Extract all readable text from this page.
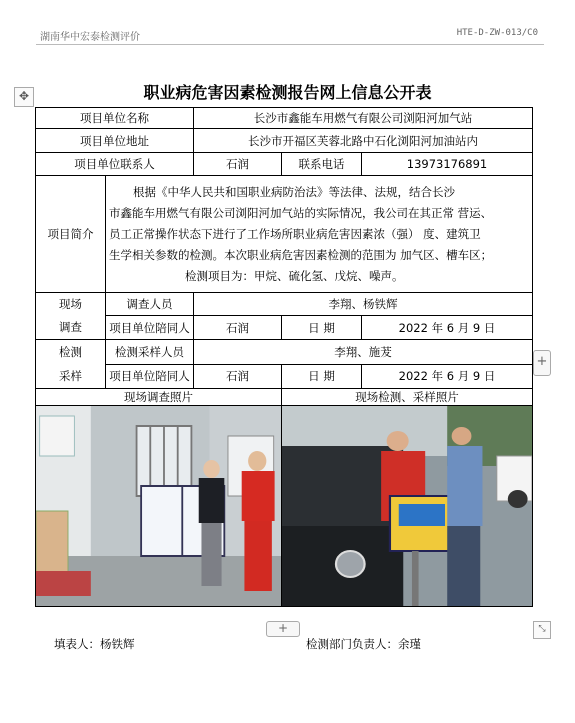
湖南华中宏泰检测评价	HTE-D-ZW-013/C0
✥	职业病危害因素检测报告网上信息公开表
项目单位名称		长沙市鑫能车用燃气有限公司浏阳河加气站		
项目单位地址		长沙市开福区芙蓉北路中石化浏阳河加油站内		
项目单位联系人		石润	联系电话	13973176891
项目简介	根据《中华人民共和国职业病防治法》等法律、法规，结合长沙
市鑫能车用燃气有限公司浏阳河加气站的实际情况，我公司在其正常 营运、
员工正常操作状态下进行了工作场所职业病危害因素浓（强） 度、建筑卫
生学相关参数的检测。本次职业病危害因素检测的范围为 加气区、槽车区；
检测项目为：甲烷、硫化氢、戊烷、噪声。			

现场
调查	调查人员	李翔、杨铁辉		
	项目单位陪同人	石润	日 期	2022 年 6 月 9 日

检测
采样	检测采样人员	李翔、施茇		
	项目单位陪同人	石润	日 期	2022 年 6 月 9 日
现场调查照片			现场检测、采样照片	

+
+	⤡
填表人：杨铁辉	检测部门负责人：余瑾
